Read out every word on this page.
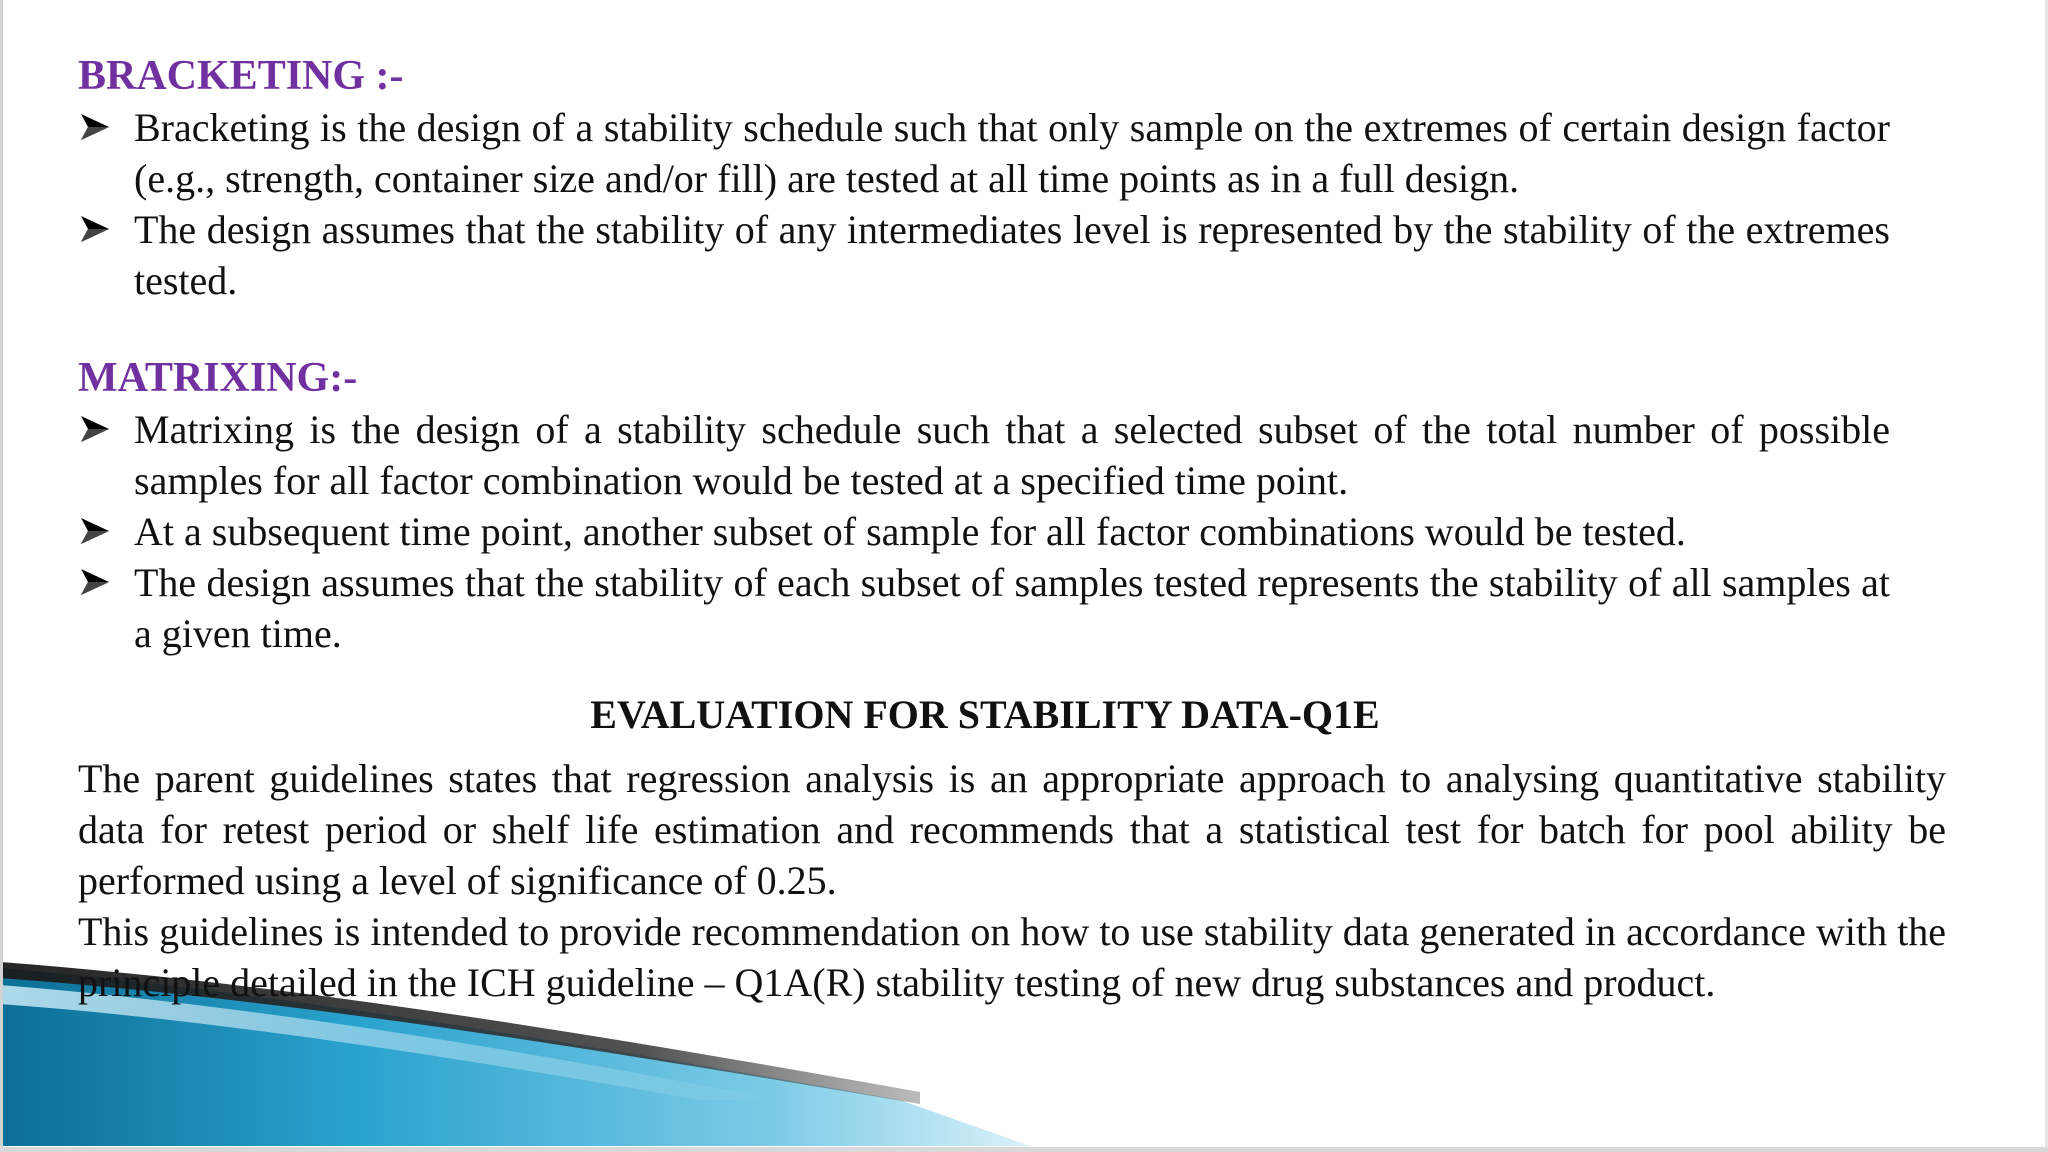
BRACKETING :-
Bracketing is the design of a stability schedule such that only sample on the extremes of certain design factor (e.g., strength, container size and/or fill) are tested at all time points as in a full design.
The design assumes that the stability of any intermediates level is represented by the stability of the extremes tested.
MATRIXING:-
Matrixing is the design of a stability schedule such that a selected subset of the total number of possible samples for all factor combination would be tested at a specified time point.
At a subsequent time point, another subset of sample for all factor combinations would be tested.
The design assumes that the stability of each subset of samples tested represents the stability of all samples at a given time.
EVALUATION FOR STABILITY DATA-Q1E

The parent guidelines states that regression analysis is an appropriate approach to analysing quantitative stability data for retest period or shelf life estimation and recommends that a statistical test for batch for pool ability be performed using a level of significance of 0.25.

This guidelines is intended to provide recommendation on how to use stability data generated in accordance with the principle detailed in the ICH guideline – Q1A(R) stability testing of new drug substances and product.
